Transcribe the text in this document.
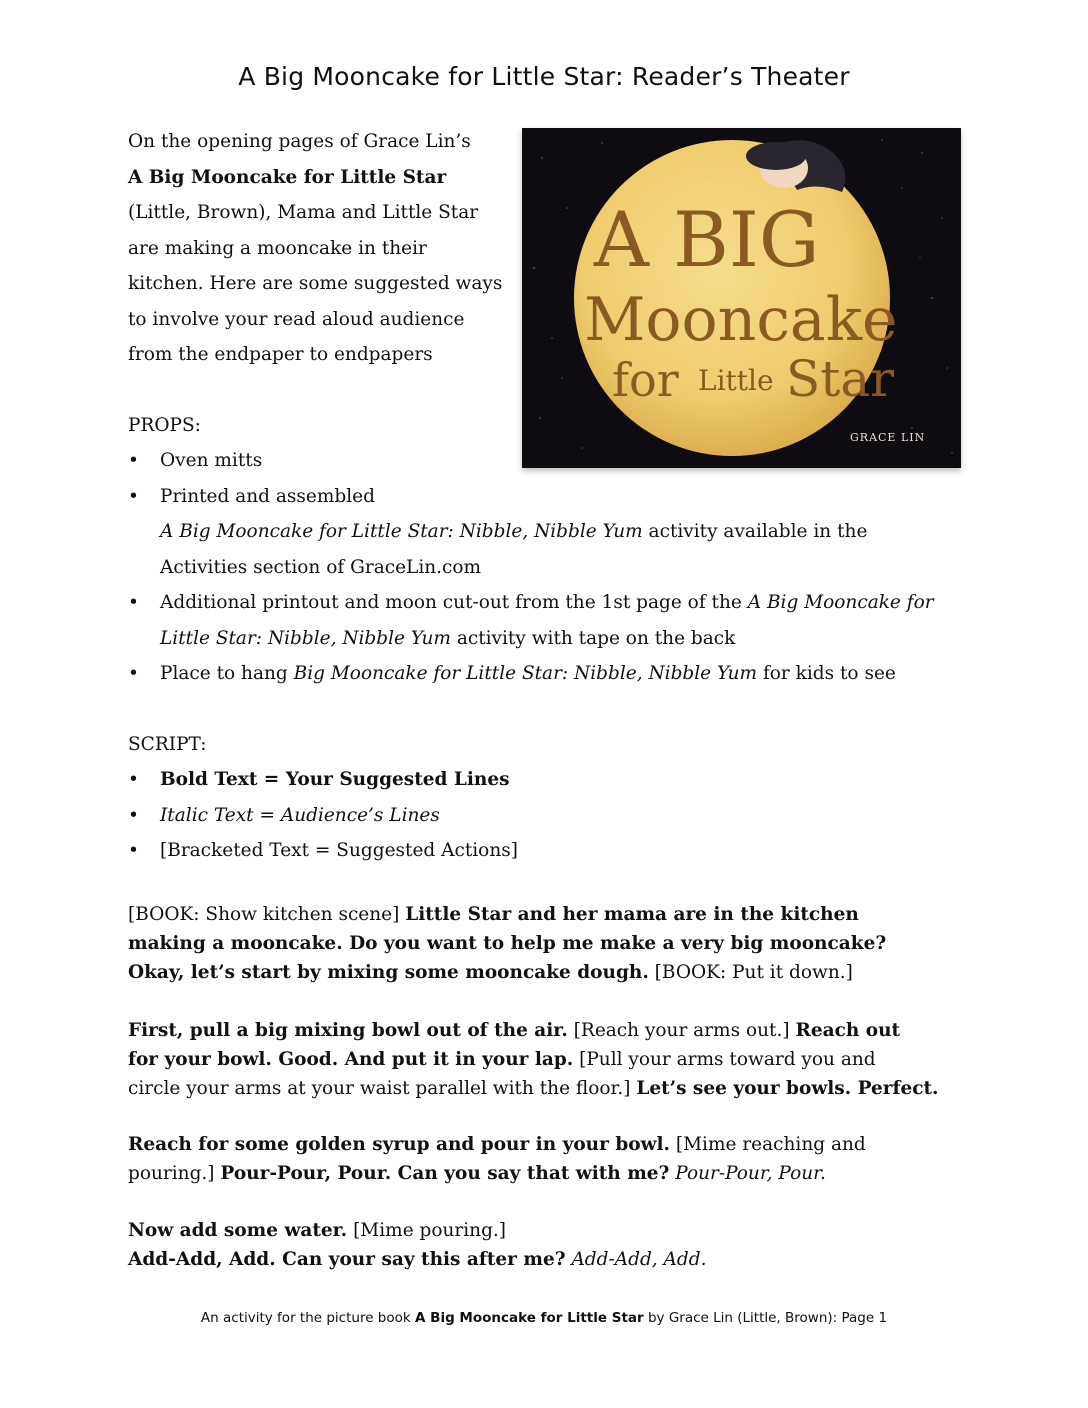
A Big Mooncake for Little Star: Reader’s Theater
On the opening pages of Grace Lin’s
A Big Mooncake for Little Star
(Little, Brown), Mama and Little Star
are making a mooncake in their
kitchen. Here are some suggested ways
to involve your read aloud audience
from the endpaper to endpapers
A BIG
Mooncake
for Little Star
GRACE LIN
PROPS:
•	Oven mitts
•	Printed and assembled
A Big Mooncake for Little Star: Nibble, Nibble Yum activity available in the
Activities section of GraceLin.com
•	Additional printout and moon cut-out from the 1st page of the A Big Mooncake for
Little Star: Nibble, Nibble Yum activity with tape on the back
•	Place to hang Big Mooncake for Little Star: Nibble, Nibble Yum for kids to see
SCRIPT:
•	Bold Text = Your Suggested Lines
•	Italic Text = Audience’s Lines
•	[Bracketed Text = Suggested Actions]
[BOOK: Show kitchen scene] Little Star and her mama are in the kitchen
making a mooncake. Do you want to help me make a very big mooncake?
Okay, let’s start by mixing some mooncake dough. [BOOK: Put it down.]
First, pull a big mixing bowl out of the air. [Reach your arms out.] Reach out
for your bowl. Good. And put it in your lap. [Pull your arms toward you and
circle your arms at your waist parallel with the floor.] Let’s see your bowls. Perfect.
Reach for some golden syrup and pour in your bowl. [Mime reaching and
pouring.] Pour-Pour, Pour. Can you say that with me? Pour-Pour, Pour.
Now add some water. [Mime pouring.]
Add-Add, Add. Can your say this after me? Add-Add, Add.
An activity for the picture book A Big Mooncake for Little Star by Grace Lin (Little, Brown): Page 1
